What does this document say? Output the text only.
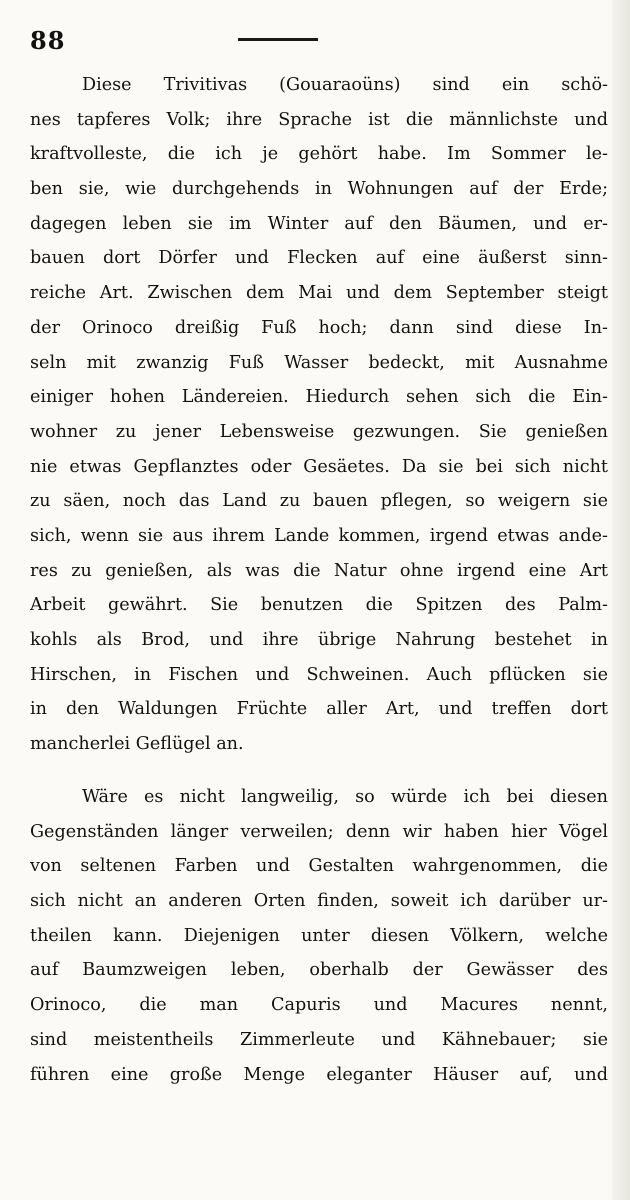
88
Diese Trivitivas (Gouaraoüns) sind ein schö-
nes tapferes Volk; ihre Sprache ist die männlichste und
kraftvolleste, die ich je gehört habe. Im Sommer le-
ben sie, wie durchgehends in Wohnungen auf der Erde;
dagegen leben sie im Winter auf den Bäumen, und er-
bauen dort Dörfer und Flecken auf eine äußerst sinn-
reiche Art. Zwischen dem Mai und dem September steigt
der Orinoco dreißig Fuß hoch; dann sind diese In-
seln mit zwanzig Fuß Wasser bedeckt, mit Ausnahme
einiger hohen Ländereien. Hiedurch sehen sich die Ein-
wohner zu jener Lebensweise gezwungen. Sie genießen
nie etwas Gepflanztes oder Gesäetes. Da sie bei sich nicht
zu säen, noch das Land zu bauen pflegen, so weigern sie
sich, wenn sie aus ihrem Lande kommen, irgend etwas ande-
res zu genießen, als was die Natur ohne irgend eine Art
Arbeit gewährt. Sie benutzen die Spitzen des Palm-
kohls als Brod, und ihre übrige Nahrung bestehet in
Hirschen, in Fischen und Schweinen. Auch pflücken sie
in den Waldungen Früchte aller Art, und treffen dort
mancherlei Geflügel an.
Wäre es nicht langweilig, so würde ich bei diesen
Gegenständen länger verweilen; denn wir haben hier Vögel
von seltenen Farben und Gestalten wahrgenommen, die
sich nicht an anderen Orten finden, soweit ich darüber ur-
theilen kann. Diejenigen unter diesen Völkern, welche
auf Baumzweigen leben, oberhalb der Gewässer des
Orinoco, die man Capuris und Macures nennt,
sind meistentheils Zimmerleute und Kähnebauer; sie
führen eine große Menge eleganter Häuser auf, und
